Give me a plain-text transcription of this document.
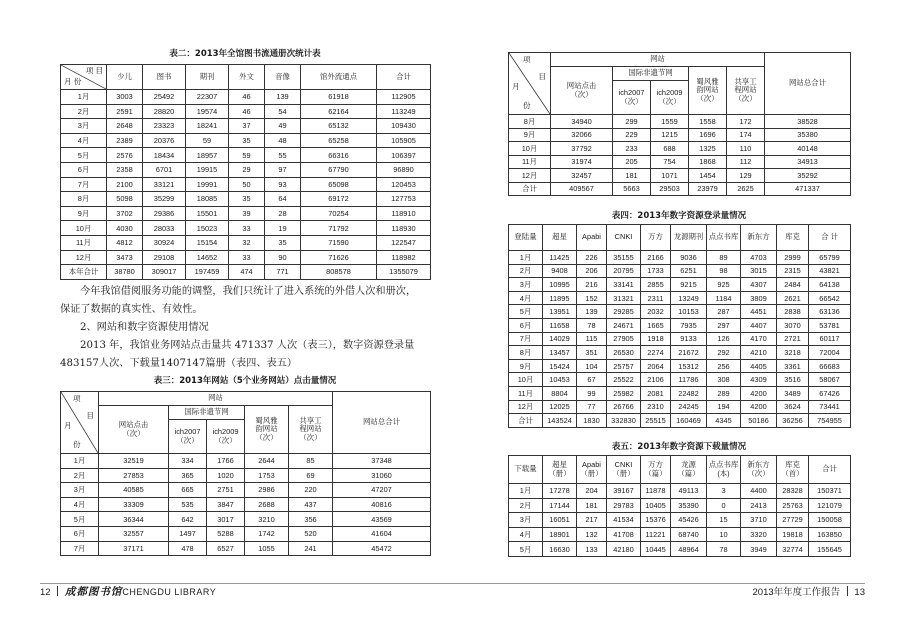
表二：2013年全馆图书流通册次统计表
项 目
月 份	少儿	图书	期刊	外文	音像	馆外流通点	合计
1月	3003	25492	22307	46	139	61918	112905
2月	2591	28820	19574	46	54	62164	113249
3月	2648	23323	18241	37	49	65132	109430
4月	2389	20376	59	35	48	65258	105905
5月	2576	18434	18957	59	55	66316	106397
6月	2358	6701	19915	29	97	67790	96890
7月	2100	33121	19991	50	93	65098	120453
8月	5098	35299	18085	35	64	69172	127753
9月	3702	29386	15501	39	28	70254	118910
10月	4030	28033	15023	33	19	71792	118930
11月	4812	30924	15154	32	35	71590	122547
12月	3473	29108	14652	33	90	71626	118982
本年合计	38780	309017	197459	474	771	808578	1355079
今年我馆借阅服务功能的调整，我们只统计了进入系统的外借人次和册次，
保证了数据的真实性、有效性。
2、网站和数字资源使用情况
2013 年，我馆业务网站点击量共 471337 人次（表三），数字资源登录量
483157人次、下载量1407147篇册（表四、表五）
表三：2013年网站（5个业务网站）点击量情况
项
目
月
份	网站					网站总合计

	网站点击（次）	国际非遗节网		蜀风雅韵网站（次）	共享工程网站（次）	

		ich2007（次）	ich2009（次）			

1月	32519	334	1766	2644	85	37348
2月	27853	365	1020	1753	69	31060
3月	40585	665	2751	2986	220	47207
4月	33309	535	3847	2688	437	40816
5月	36344	642	3017	3210	356	43569
6月	32557	1497	5288	1742	520	41604
7月	37171	478	6527	1055	241	45472
12 成都图书馆CHENGDU LIBRARY
项
目
月
份	网站					网站总合计

	网站点击（次）	国际非遗节网		蜀风雅韵网站（次）	共享工程网站（次）	

		ich2007（次）	ich2009（次）			

8月	34940	299	1559	1558	172	38528
9月	32066	229	1215	1696	174	35380
10月	37792	233	688	1325	110	40148
11月	31974	205	754	1868	112	34913
12月	32457	181	1071	1454	129	35292
合计	409567	5663	29503	23979	2625	471337
表四：2013年数字资源登录量情况
登陆量	超星	Apabi	CNKI	万方	龙源期刊	点点书库	新东方	库克	合 计

1月	11425	226	35155	2166	9036	89	4703	2999	65799
2月	9408	206	20795	1733	6251	98	3015	2315	43821
3月	10995	216	33141	2855	9215	925	4307	2484	64138
4月	11895	152	31321	2311	13249	1184	3809	2621	66542
5月	13951	139	29285	2032	10153	287	4451	2838	63136
6月	11658	78	24671	1665	7935	297	4407	3070	53781
7月	14029	115	27905	1918	9133	126	4170	2721	60117
8月	13457	351	26530	2274	21672	292	4210	3218	72004
9月	15424	104	25757	2064	15312	256	4405	3361	66683
10月	10453	67	25522	2106	11786	308	4309	3516	58067
11月	8804	99	25982	2081	22482	289	4200	3489	67426
12月	12025	77	26766	2310	24245	194	4200	3624	73441
合计	143524	1830	332830	25515	160469	4345	50186	36256	754955
表五：2013年数字资源下载量情况
下载量	超星（册）	Apabi（册）	CNKI（册）	万方（篇）	龙源（篇）	点点书库(本)	新东方（次）	库克（首）	合计

1月	17278	204	39167	11878	49113	3	4400	28328	150371
2月	17144	181	29783	10405	35390	0	2413	25763	121079
3月	16051	217	41534	15376	45426	15	3710	27729	150058
4月	18901	132	41708	11221	68740	10	3320	19818	163850
5月	16630	133	42180	10445	48964	78	3949	32774	155645
2013年年度工作报告 13
